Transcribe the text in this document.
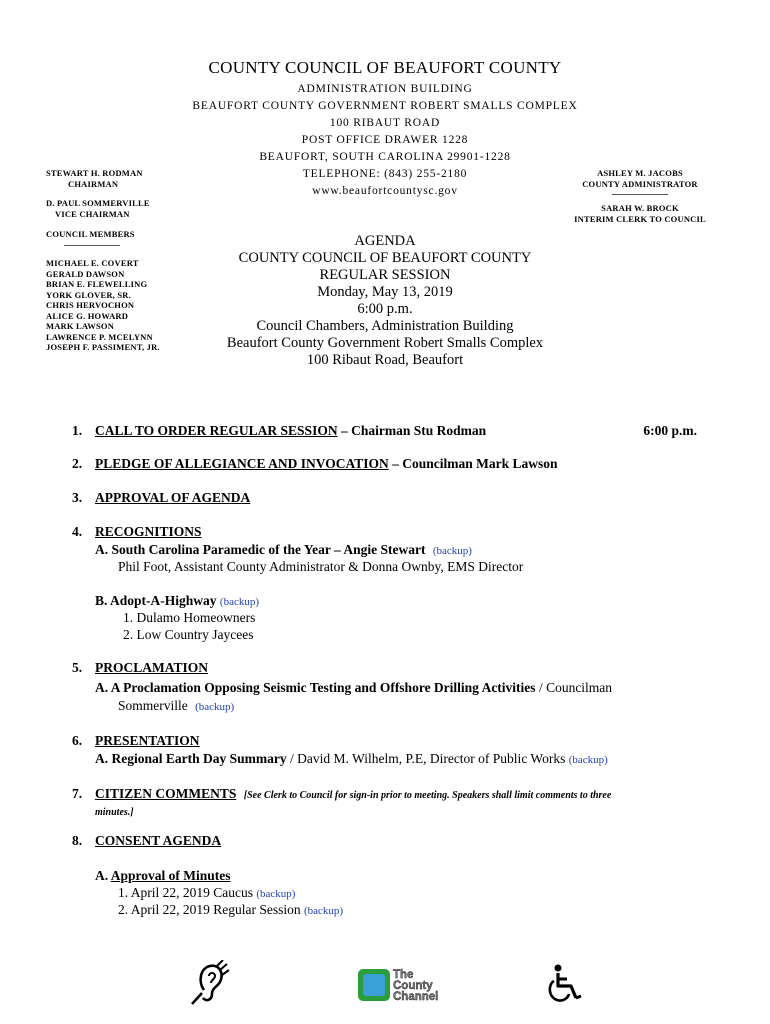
COUNTY COUNCIL OF BEAUFORT COUNTY
ADMINISTRATION BUILDING
BEAUFORT COUNTY GOVERNMENT ROBERT SMALLS COMPLEX
100 RIBAUT ROAD
POST OFFICE DRAWER 1228
BEAUFORT, SOUTH CAROLINA 29901-1228
TELEPHONE: (843) 255-2180
www.beaufortcountysc.gov
STEWART H. RODMAN
CHAIRMAN
D. PAUL SOMMERVILLE
VICE CHAIRMAN
COUNCIL MEMBERS
MICHAEL E. COVERT
GERALD DAWSON
BRIAN E. FLEWELLING
YORK GLOVER, SR.
CHRIS HERVOCHON
ALICE G. HOWARD
MARK LAWSON
LAWRENCE P. MCELYNN
JOSEPH F. PASSIMENT, JR.
ASHLEY M. JACOBS
COUNTY ADMINISTRATOR
SARAH W. BROCK
INTERIM CLERK TO COUNCIL
AGENDA
COUNTY COUNCIL OF BEAUFORT COUNTY
REGULAR SESSION
Monday, May 13, 2019
6:00 p.m.
Council Chambers, Administration Building
Beaufort County Government Robert Smalls Complex
100 Ribaut Road, Beaufort
1. CALL TO ORDER REGULAR SESSION – Chairman Stu Rodman	6:00 p.m.
2. PLEDGE OF ALLEGIANCE AND INVOCATION – Councilman Mark Lawson
3. APPROVAL OF AGENDA
4. RECOGNITIONS
A. South Carolina Paramedic of the Year – Angie Stewart (backup)
Phil Foot, Assistant County Administrator & Donna Ownby, EMS Director
B. Adopt-A-Highway (backup)
1. Dulamo Homeowners
2. Low Country Jaycees
5. PROCLAMATION
A. A Proclamation Opposing Seismic Testing and Offshore Drilling Activities / Councilman
Sommerville (backup)
6. PRESENTATION
A. Regional Earth Day Summary / David M. Wilhelm, P.E, Director of Public Works (backup)
7. CITIZEN COMMENTS [See Clerk to Council for sign-in prior to meeting. Speakers shall limit comments to three
minutes.]
8. CONSENT AGENDA
A. Approval of Minutes
1. April 22, 2019 Caucus (backup)
2. April 22, 2019 Regular Session (backup)
The
County
Channel
